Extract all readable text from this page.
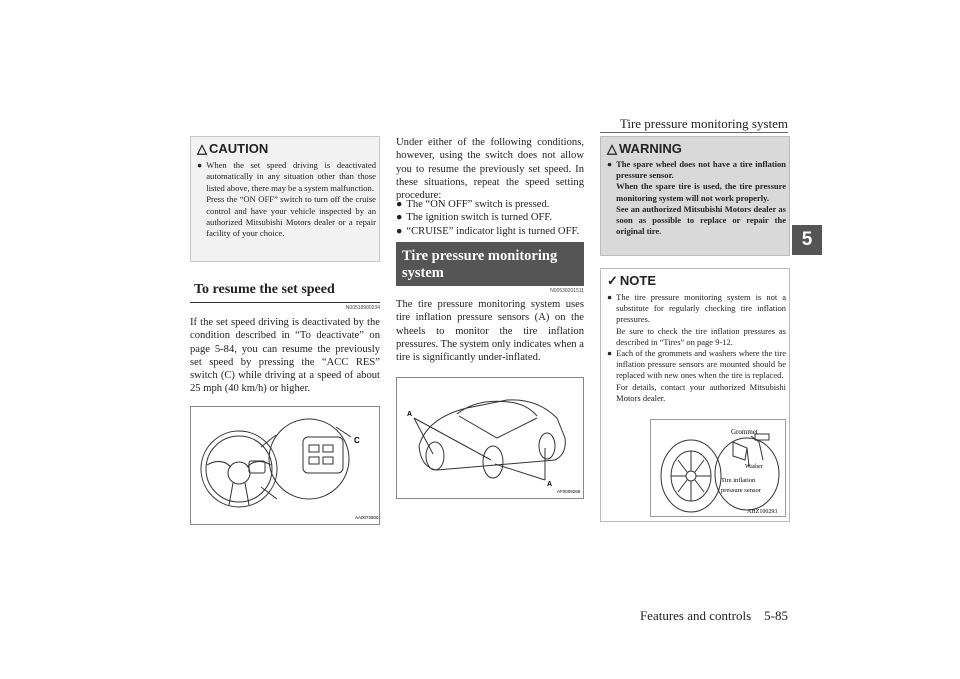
Tire pressure monitoring system
Features and controls 5-85
5
△ CAUTION
● When the set speed driving is deactivated automatically in any situation other than those listed above, there may be a system malfunction.
Press the “ON OFF” switch to turn off the cruise control and have your vehicle inspected by an authorized Mitsubishi Motors dealer or a repair facility of your choice.
To resume the set speed
N00518900234
If the set speed driving is deactivated by the condition described in “To deactivate” on page 5-84, you can resume the previously set speed by pressing the “ACC RES” switch (C) while driving at a speed of about 25 mph (40 km/h) or higher.
C
AA0072800
Under either of the following conditions, however, using the switch does not allow you to resume the previously set speed. In these situations, repeat the speed setting procedure:
● The “ON OFF” switch is pressed.
● The ignition switch is turned OFF.
● “CRUISE” indicator light is turned OFF.
Tire pressure monitoring system
N00530201511
The tire pressure monitoring system uses tire inflation pressure sensors (A) on the wheels to monitor the tire inflation pressures. The system only indicates when a tire is significantly under-inflated.
A
A
AF0009266
△ WARNING
● The spare wheel does not have a tire inflation pressure sensor.
When the spare tire is used, the tire pressure monitoring system will not work properly.
See an authorized Mitsubishi Motors dealer as soon as possible to replace or repair the original tire.
✓ NOTE
● The tire pressure monitoring system is not a substitute for regularly checking tire inflation pressures.
Be sure to check the tire inflation pressures as described in “Tires” on page 9-12.
● Each of the grommets and washers where the tire inflation pressure sensors are mounted should be replaced with new ones when the tire is replaced.
For details, contact your authorized Mitsubishi Motors dealer.
Grommet
Washer
Tire inflation
pressure sensor
AHZ100293
